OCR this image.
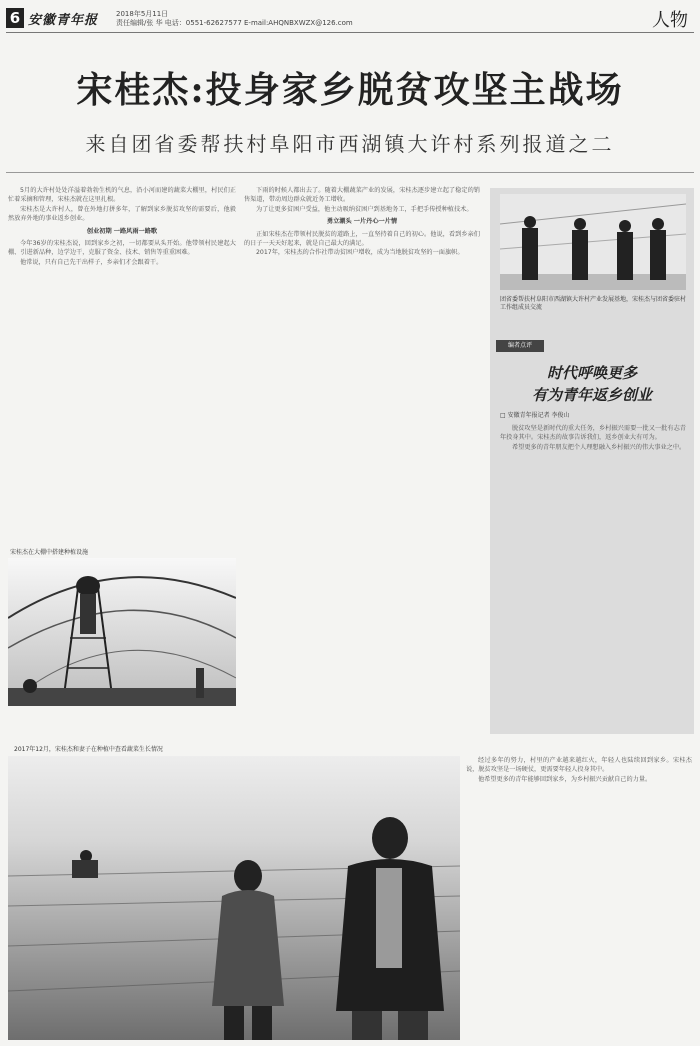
6 安徽青年报	2018年5月11日
责任编辑/张 华 电话：0551-62627577 E-mail:AHQNBXWZX@126.com	人物
宋桂杰:投身家乡脱贫攻坚主战场
来自团省委帮扶村阜阳市西湖镇大许村系列报道之二

5月的大许村处处洋溢着勃勃生机的气息，沿小河而建的蔬菜大棚里，村民们正忙着采摘和管理，宋桂杰就在这里扎根。

宋桂杰是大许村人，曾在外地打拼多年，了解到家乡脱贫攻坚的需要后，他毅然放弃外地的事业返乡创业。

创业初期 一路风雨一路歌

今年36岁的宋桂杰说，回到家乡之初，一切都要从头开始。他带领村民建起大棚、引进新品种，边学边干，克服了资金、技术、销售等重重困难。

他常说，只有自己先干出样子，乡亲们才会跟着干。

下雨的时候人都出去了。随着大棚蔬菜产业的发展，宋桂杰逐步建立起了稳定的销售渠道，带动周边群众就近务工增收。

为了让更多贫困户受益，他主动吸纳贫困户到基地务工，手把手传授种植技术。

勇立潮头 一片丹心一片情

正如宋桂杰在带领村民脱贫的道路上，一直坚持着自己的初心。他说，看到乡亲们的日子一天天好起来，就是自己最大的满足。

2017年，宋桂杰的合作社带动贫困户增收，成为当地脱贫攻坚的一面旗帜。

宋桂杰在大棚中搭建种植设施
团省委帮扶村阜阳市西湖镇大许村产业发展基地，宋桂杰与团省委驻村工作组成员交流
编者点评
时代呼唤更多
有为青年返乡创业
□ 安徽青年报记者 李俊山

脱贫攻坚是新时代的重大任务，乡村振兴需要一批又一批有志青年投身其中。宋桂杰的故事告诉我们，返乡创业大有可为。

希望更多的青年朋友把个人理想融入乡村振兴的伟大事业之中。

2017年12月，宋桂杰和妻子在种植中查看蔬菜生长情况

经过多年的努力，村里的产业越来越红火，年轻人也陆续回到家乡。宋桂杰说，脱贫攻坚是一场硬仗，更需要年轻人投身其中。

他希望更多的青年能够回到家乡，为乡村振兴贡献自己的力量。
